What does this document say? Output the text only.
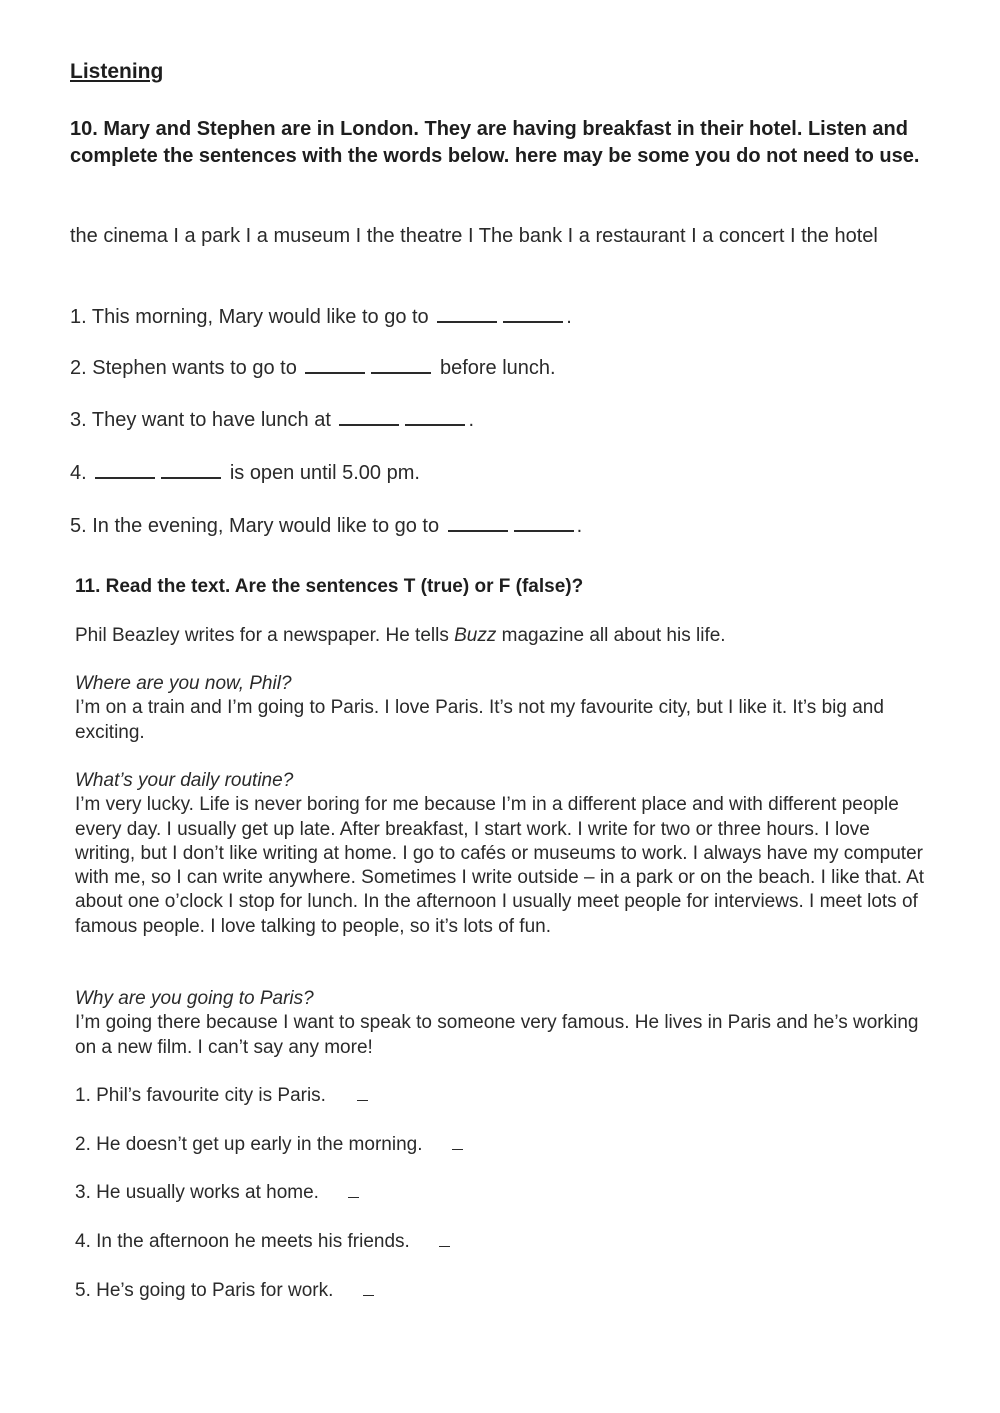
Listening
10. Mary and Stephen are in London. They are having breakfast in their hotel. Listen and complete the sentences with the words below. here may be some you do not need to use.
the cinema I a park I a museum I the theatre I The bank I a restaurant I a concert I the hotel
1. This morning, Mary would like to go to	.
2. Stephen wants to go to	before lunch.
3. They want to have lunch at	.
4.	is open until 5.00 pm.
5. In the evening, Mary would like to go to	.
11. Read the text. Are the sentences T (true) or F (false)?
Phil Beazley writes for a newspaper. He tells Buzz magazine all about his life.
Where are you now, Phil?
I’m on a train and I’m going to Paris. I love Paris. It’s not my favourite city, but I like it. It’s big and exciting.
What’s your daily routine?
I’m very lucky. Life is never boring for me because I’m in a different place and with different people every day. I usually get up late. After breakfast, I start work. I write for two or three hours. I love writing, but I don’t like writing at home. I go to cafés or museums to work. I always have my computer with me, so I can write anywhere. Sometimes I write outside – in a park or on the beach. I like that. At about one o’clock I stop for lunch. In the afternoon I usually meet people for interviews. I meet lots of famous people. I love talking to people, so it’s lots of fun.
Why are you going to Paris?
I’m going there because I want to speak to someone very famous. He lives in Paris and he’s working on a new film. I can’t say any more!
1. Phil’s favourite city is Paris.
2. He doesn’t get up early in the morning.
3. He usually works at home.
4. In the afternoon he meets his friends.
5. He’s going to Paris for work.
